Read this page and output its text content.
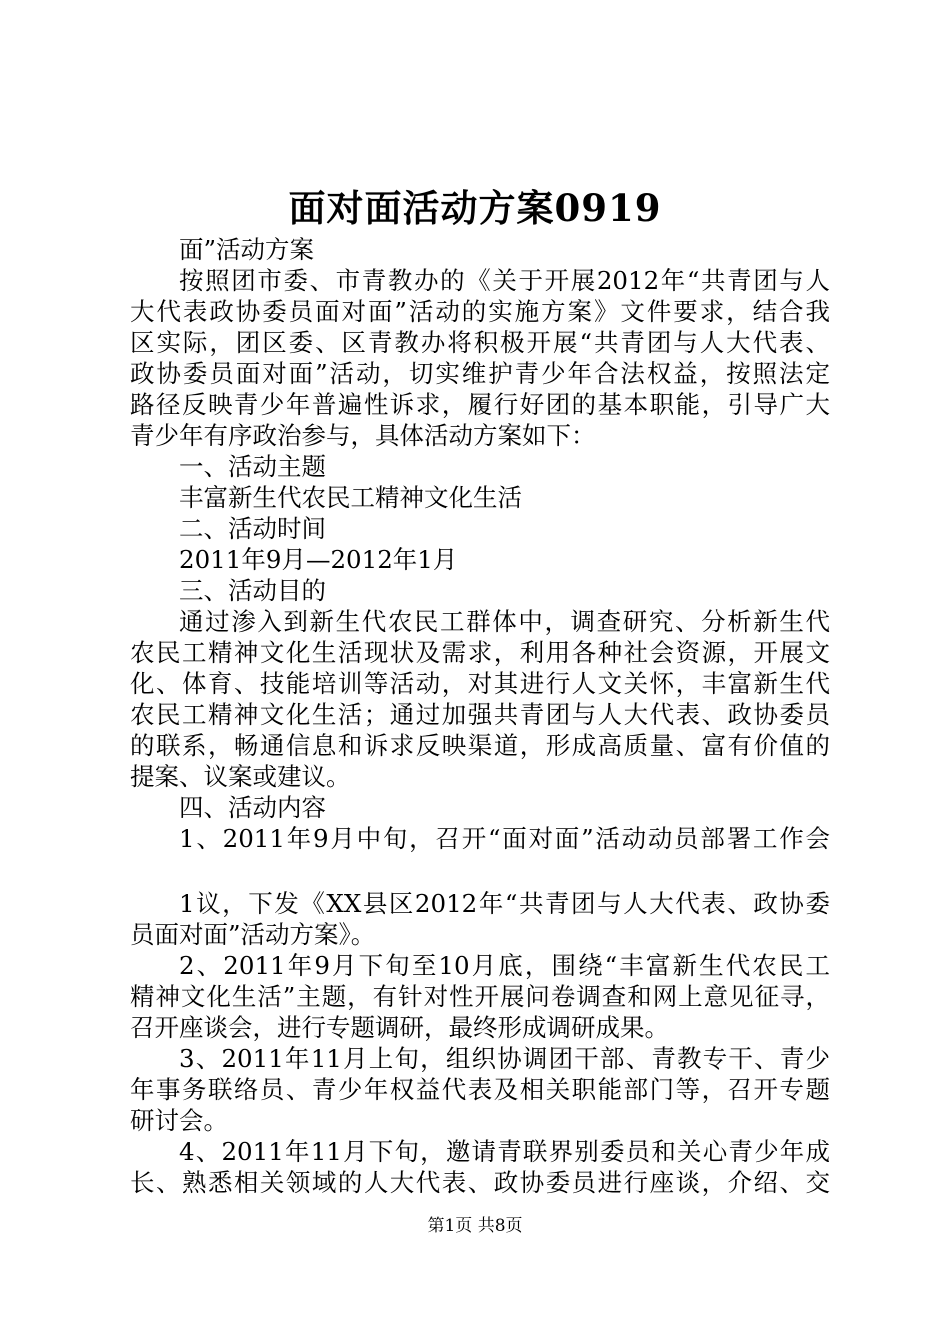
面对面活动方案0919
面”活动方案
按照团市委、市青教办的《关于开展2012年“共青团与人
大代表政协委员面对面”活动的实施方案》文件要求，结合我
区实际，团区委、区青教办将积极开展“共青团与人大代表、
政协委员面对面”活动，切实维护青少年合法权益，按照法定
路径反映青少年普遍性诉求，履行好团的基本职能，引导广大
青少年有序政治参与，具体活动方案如下：
一、活动主题
丰富新生代农民工精神文化生活
二、活动时间
2011年9月—2012年1月
三、活动目的
通过渗入到新生代农民工群体中，调查研究、分析新生代
农民工精神文化生活现状及需求，利用各种社会资源，开展文
化、体育、技能培训等活动，对其进行人文关怀，丰富新生代
农民工精神文化生活；通过加强共青团与人大代表、政协委员
的联系，畅通信息和诉求反映渠道，形成高质量、富有价值的
提案、议案或建议。
四、活动内容
1、2011年9月中旬，召开“面对面”活动动员部署工作会
1议，下发《XX县区2012年“共青团与人大代表、政协委
员面对面”活动方案》。
2、2011年9月下旬至10月底，围绕“丰富新生代农民工
精神文化生活”主题，有针对性开展问卷调查和网上意见征寻，
召开座谈会，进行专题调研，最终形成调研成果。
3、2011年11月上旬，组织协调团干部、青教专干、青少
年事务联络员、青少年权益代表及相关职能部门等，召开专题
研讨会。
4、2011年11月下旬，邀请青联界别委员和关心青少年成
长、熟悉相关领域的人大代表、政协委员进行座谈，介绍、交
第1页 共8页
